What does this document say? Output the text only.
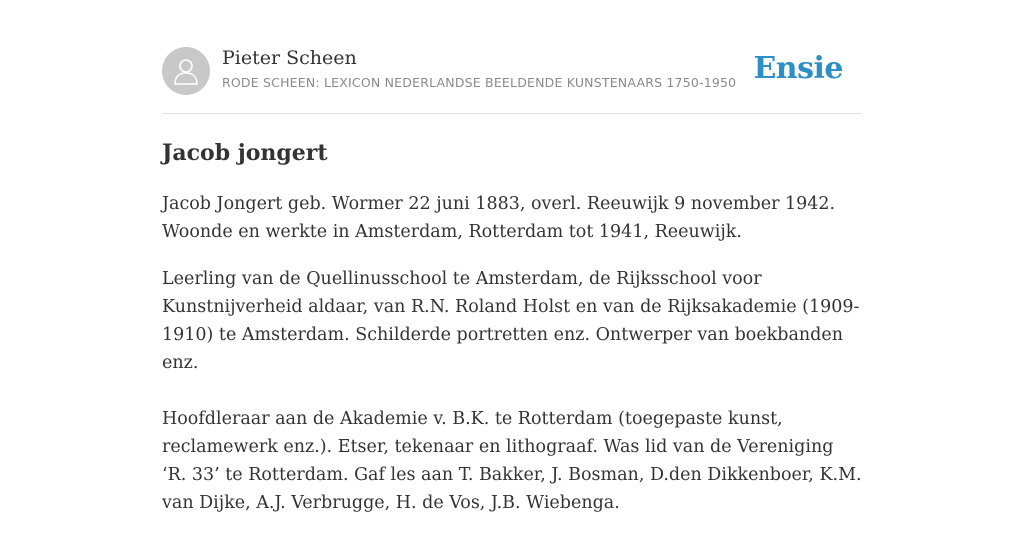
Pieter Scheen
RODE SCHEEN: LEXICON NEDERLANDSE BEELDENDE KUNSTENAARS 1750-1950 Ensie
Jacob jongert

Jacob Jongert geb. Wormer 22 juni 1883, overl. Reeuwijk 9 november 1942. Woonde en werkte in Amsterdam, Rotterdam tot 1941, Reeuwijk.

Leerling van de Quellinusschool te Amsterdam, de Rijksschool voor Kunstnijverheid aldaar, van R.N. Roland Holst en van de Rijksakademie (1909-1910) te Amsterdam. Schilderde portretten enz. Ontwerper van boekbanden enz.

Hoofdleraar aan de Akademie v. B.K. te Rotterdam (toegepaste kunst, reclamewerk enz.). Etser, tekenaar en lithograaf. Was lid van de Vereniging ‘R. 33’ te Rotterdam. Gaf les aan T. Bakker, J. Bosman, D.den Dikkenboer, K.M. van Dijke, A.J. Verbrugge, H. de Vos, J.B. Wiebenga.
